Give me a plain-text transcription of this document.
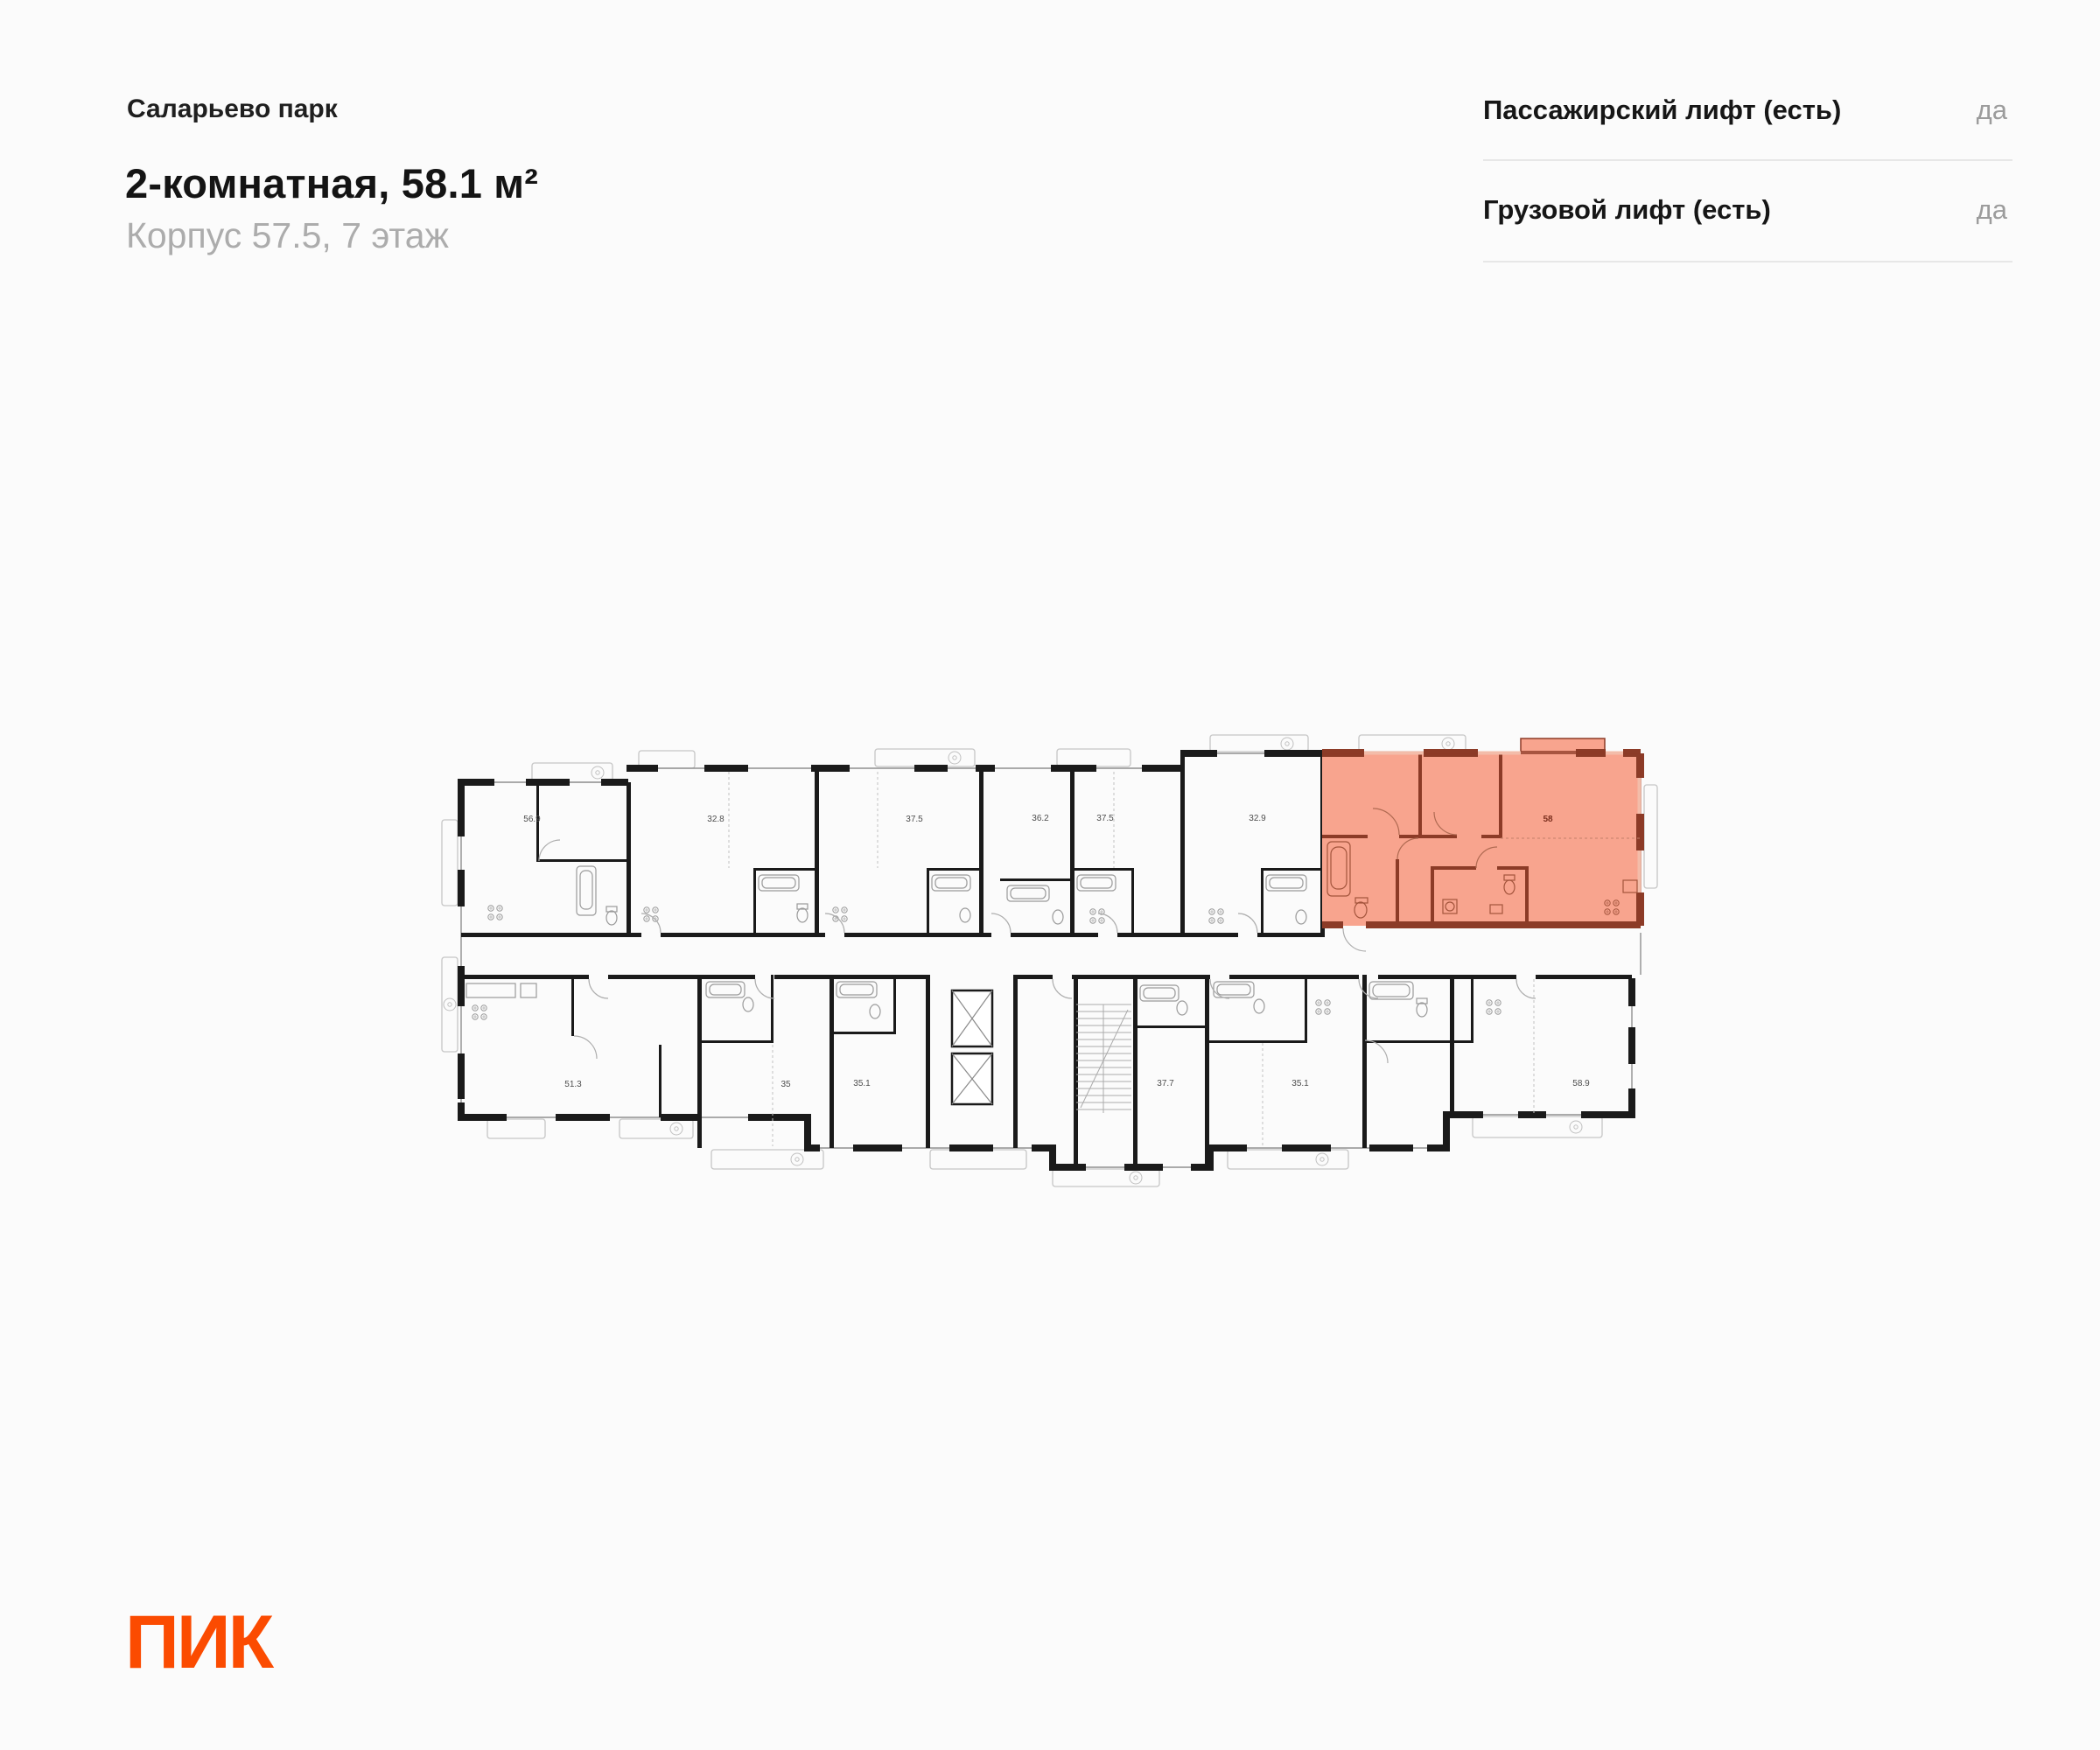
Саларьево парк
2-комнатная, 58.1 м²
Корпус 57.5, 7 этаж
Пассажирский лифт (есть)	да
Грузовой лифт (есть)	да
56.9	32.8	37.5	36.2	37.5	32.9	58
51.3	35	35.1	37.7	35.1	58.9
ПИК
